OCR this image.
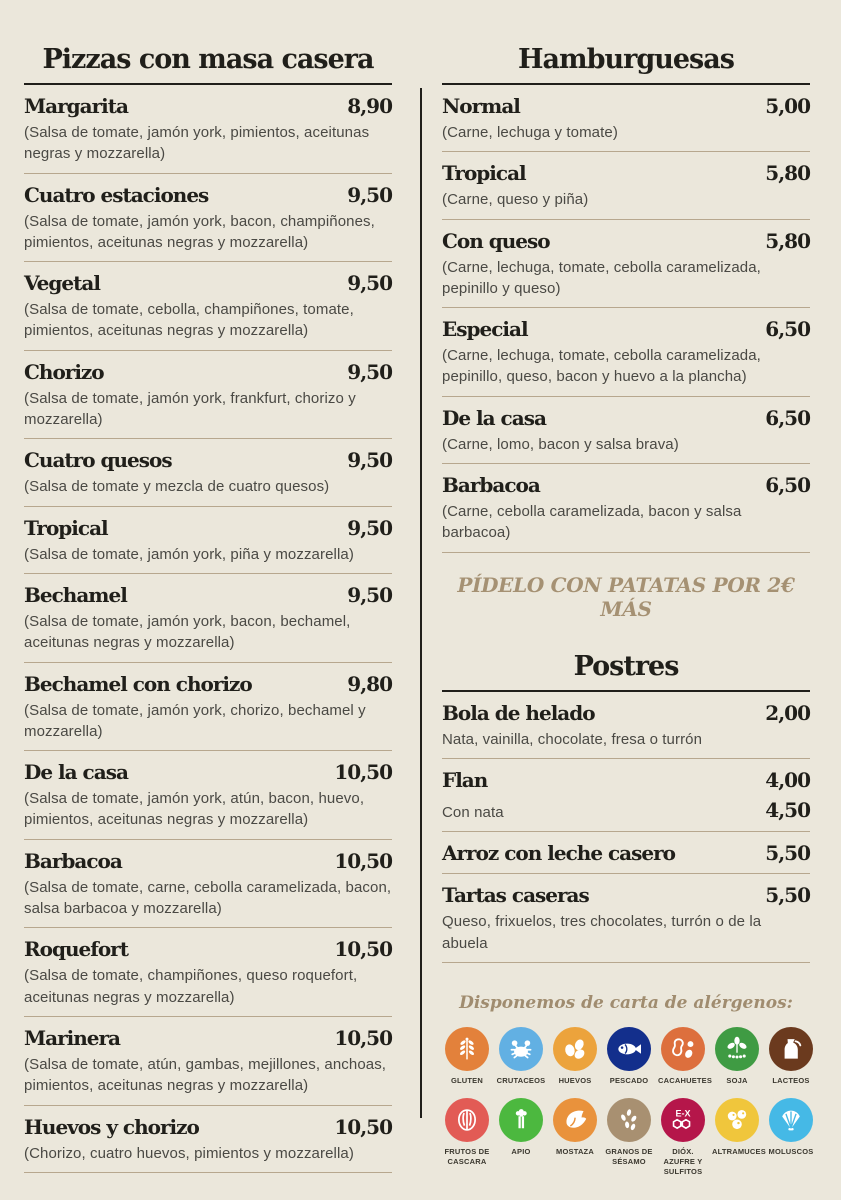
Pizzas con masa casera
Margarita	8,90
(Salsa de tomate, jamón york, pimientos, aceitunas negras y mozzarella)
Cuatro estaciones	9,50
(Salsa de tomate, jamón york, bacon, champiñones, pimientos, aceitunas negras y mozzarella)
Vegetal	9,50
(Salsa de tomate, cebolla, champiñones, tomate, pimientos, aceitunas negras y mozzarella)
Chorizo	9,50
(Salsa de tomate, jamón york, frankfurt, chorizo y mozzarella)
Cuatro quesos	9,50
(Salsa de tomate y mezcla de cuatro quesos)
Tropical	9,50
(Salsa de tomate, jamón york, piña y mozzarella)
Bechamel	9,50
(Salsa de tomate, jamón york, bacon, bechamel, aceitunas negras y mozzarella)
Bechamel con chorizo	9,80
(Salsa de tomate, jamón york, chorizo, bechamel y mozzarella)
De la casa	10,50
(Salsa de tomate, jamón york, atún, bacon, huevo, pimientos, aceitunas negras y mozzarella)
Barbacoa	10,50
(Salsa de tomate, carne, cebolla caramelizada, bacon, salsa barbacoa y mozzarella)
Roquefort	10,50
(Salsa de tomate, champiñones, queso roquefort, aceitunas negras y mozzarella)
Marinera	10,50
(Salsa de tomate, atún, gambas, mejillones, anchoas, pimientos, aceitunas negras y mozzarella)
Huevos y chorizo	10,50
(Chorizo, cuatro huevos, pimientos y mozzarella)
Hamburguesas
Normal	5,00
(Carne, lechuga y tomate)
Tropical	5,80
(Carne, queso y piña)
Con queso	5,80
(Carne, lechuga, tomate, cebolla caramelizada, pepinillo y queso)
Especial	6,50
(Carne, lechuga, tomate, cebolla caramelizada, pepinillo, queso, bacon y huevo a la plancha)
De la casa	6,50
(Carne, lomo, bacon y salsa brava)
Barbacoa	6,50
(Carne, cebolla caramelizada, bacon y salsa barbacoa)
PÍDELO CON PATATAS POR 2€ MÁS
Postres
Bola de helado	2,00
Nata, vainilla, chocolate, fresa o turrón
Flan	4,00
Con nata	4,50
Arroz con leche casero	5,50
Tartas caseras	5,50
Queso, frixuelos, tres chocolates, turrón o de la abuela
Disponemos de carta de alérgenos:
GLUTEN	CRUTACEOS	HUEVOS	PESCADO	CACAHUETES	SOJA	LACTEOS
FRUTOS DE CASCARA
APIO	MOSTAZA	GRANOS DE SÉSAMO
E-X
DIÓX. AZUFRE Y SULFITOS
ALTRAMUCES MOLUSCOS
